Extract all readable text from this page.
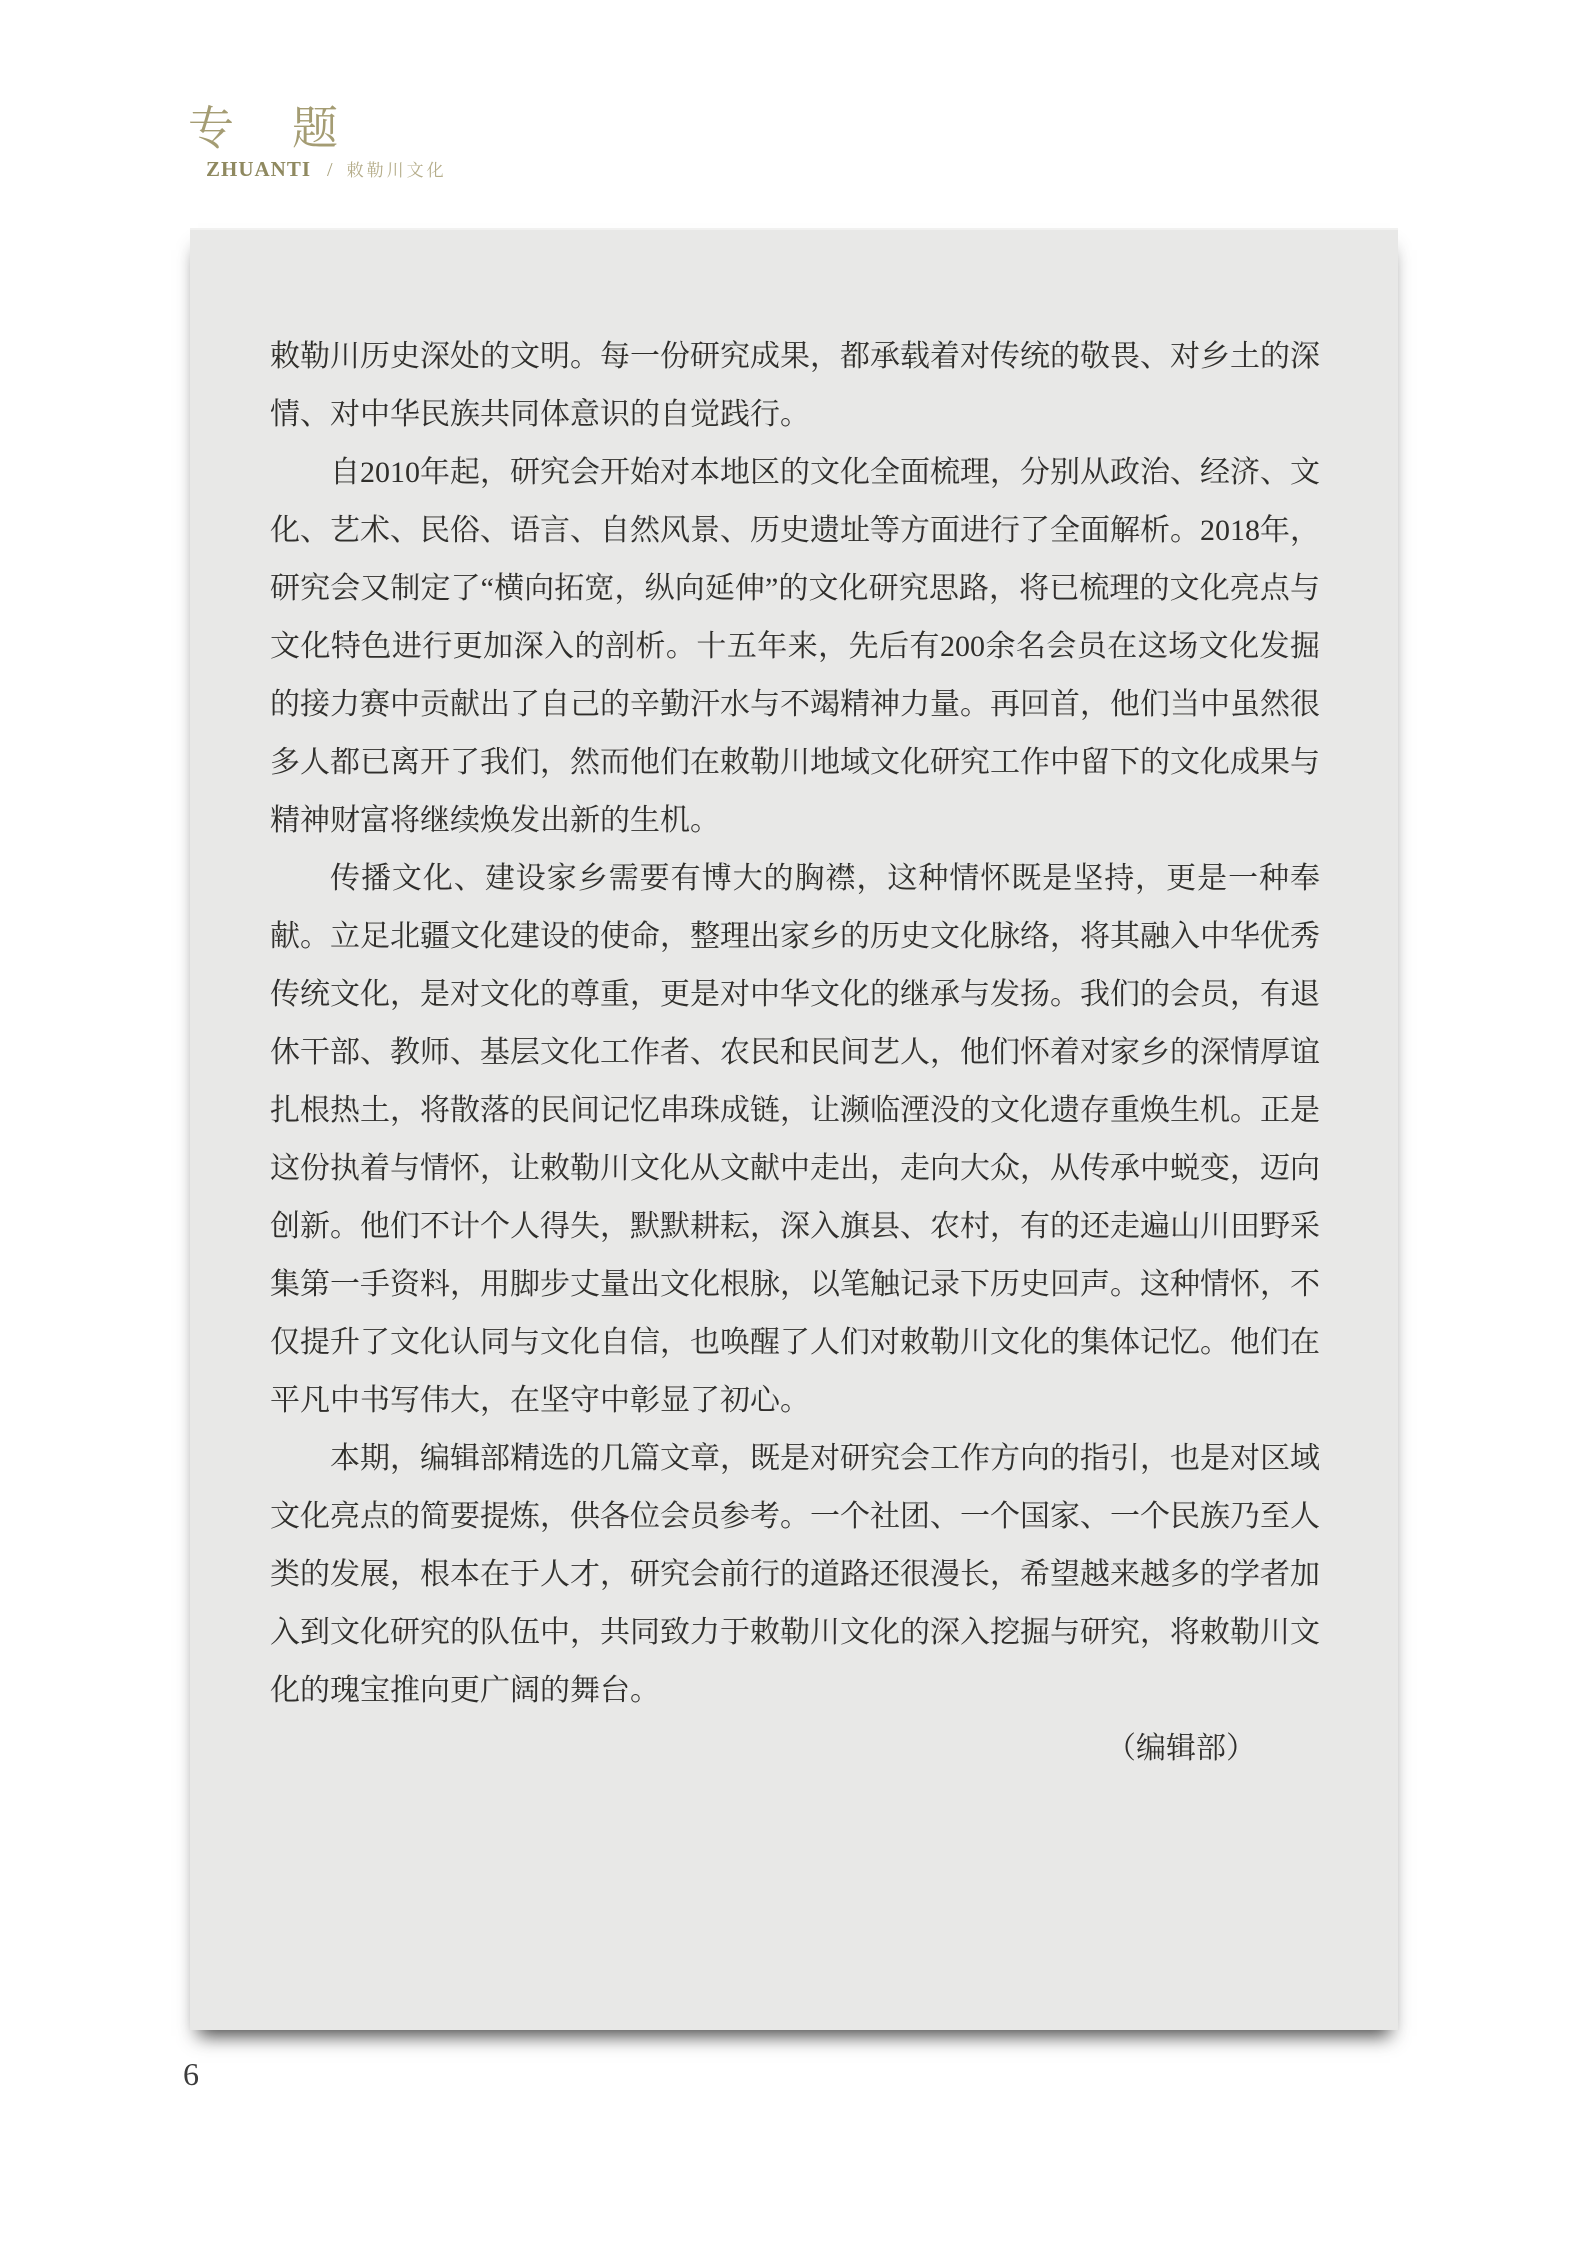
专　题
ZHUANTI / 敕勒川文化

敕勒川历史深处的文明。每一份研究成果，都承载着对传统的敬畏、对乡土的深情、对中华民族共同体意识的自觉践行。

自2010年起，研究会开始对本地区的文化全面梳理，分别从政治、经济、文化、艺术、民俗、语言、自然风景、历史遗址等方面进行了全面解析。2018年，研究会又制定了“横向拓宽，纵向延伸”的文化研究思路，将已梳理的文化亮点与文化特色进行更加深入的剖析。十五年来，先后有200余名会员在这场文化发掘的接力赛中贡献出了自己的辛勤汗水与不竭精神力量。再回首，他们当中虽然很多人都已离开了我们，然而他们在敕勒川地域文化研究工作中留下的文化成果与精神财富将继续焕发出新的生机。

传播文化、建设家乡需要有博大的胸襟，这种情怀既是坚持，更是一种奉献。立足北疆文化建设的使命，整理出家乡的历史文化脉络，将其融入中华优秀传统文化，是对文化的尊重，更是对中华文化的继承与发扬。我们的会员，有退休干部、教师、基层文化工作者、农民和民间艺人，他们怀着对家乡的深情厚谊扎根热土，将散落的民间记忆串珠成链，让濒临湮没的文化遗存重焕生机。正是这份执着与情怀，让敕勒川文化从文献中走出，走向大众，从传承中蜕变，迈向创新。他们不计个人得失，默默耕耘，深入旗县、农村，有的还走遍山川田野采集第一手资料，用脚步丈量出文化根脉，以笔触记录下历史回声。这种情怀，不仅提升了文化认同与文化自信，也唤醒了人们对敕勒川文化的集体记忆。他们在平凡中书写伟大，在坚守中彰显了初心。

本期，编辑部精选的几篇文章，既是对研究会工作方向的指引，也是对区域文化亮点的简要提炼，供各位会员参考。一个社团、一个国家、一个民族乃至人类的发展，根本在于人才，研究会前行的道路还很漫长，希望越来越多的学者加入到文化研究的队伍中，共同致力于敕勒川文化的深入挖掘与研究，将敕勒川文化的瑰宝推向更广阔的舞台。

（编辑部）
6
